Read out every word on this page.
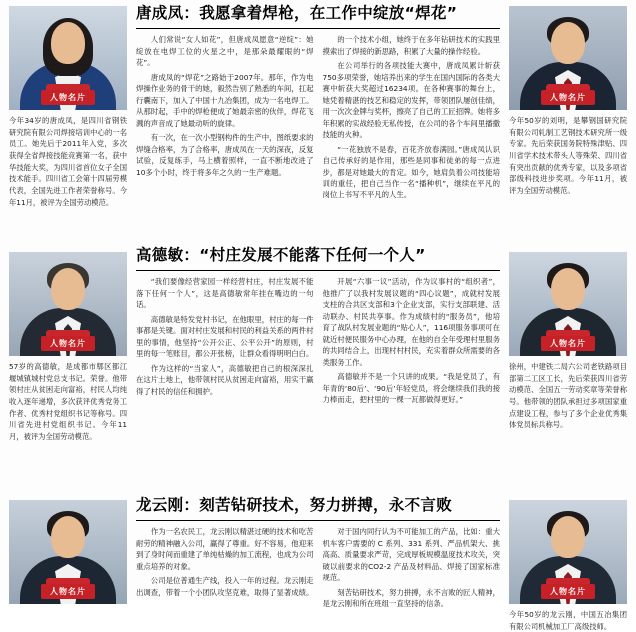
唐成凤：我愿拿着焊枪，在工作中绽放“焊花”

人们常说“女人如花”，但唐成凤愿意“逆绽”：她绽放在电焊工位的火星之中，是那朵最耀眼的“焊花”。

唐成凤的“焊花”之路始于2007年。那年，作为电焊操作业务的骨干的她，毅然告别了熟悉的车间，扛起行囊南下，加入了中国十九冶集团，成为一名电焊工。从那时起，手中的焊枪便成了她最亲密的伙伴，焊花飞溅的声音成了她最动听的旋律。

有一次，在一次小型钢构件的生产中，图纸要求的焊缝合格率，为了合格率，唐成凤在一天的深夜，反复试验，反复练手，马上横着照样，一直不断地改进了10多个小时，终于将多年之久的一生产难题。

的一个技术小组，她终于在多年钻研技术的实践里摸索出了焊接的新思路，积累了大量的操作经验。

在公司举行的各项技能大赛中，唐成凤累计斩获750多项荣誉，她培养出来的学生在国内国际的各类大赛中斩获大奖超过16234项。在各种赛事的舞台上，她凭着精湛的技艺和稳定的发挥，带领团队屡创佳绩，用一次次金牌与奖杯，擦亮了自己的工匠招牌。她将多年积累的实战经验无私传授，在公司的各个车间里播撒技能的火种。

“一花独放不是春，百花齐放春满园。”唐成凤认识自己传承好的是作用，那些是同事和徒弟的每一点进步，都是对她最大的肯定。如今，她肩负着公司技能培训的重任，把自己当作一名“播种机”，继续在平凡的岗位上书写不平凡的人生。

人物名片
今年34岁的唐成凤，是四川省钢铁研究院有限公司焊接培训中心的一名员工。她先后于2011年入党，多次获得全省焊接技能竞赛第一名，获中华技能大奖，为四川省首位女子全国技术能手。四川省工会第十四届劳模代表，全国先进工作者荣誉称号。今年11月，被评为全国劳动模范。
人物名片
今年50岁的刘明，是攀钢国研究院有限公司轧制工艺钢技术研究所一级专家。先后荣获国务院特殊津贴、四川省学术技术带头人等殊荣、四川省有突出贡献的优秀专家，以及多项省部级科技进步奖项。今年11月，被评为全国劳动模范。
高德敏：“村庄发展不能落下任何一个人”

“我们要像经营家园一样经营村庄，村庄发展不能落下任何一个人”，这是高德敏常年挂在嘴边的一句话。

高德敏是特发党村书记，在他眼里，村庄的每一件事都是关键。面对村庄发展和村民的利益关系的两件村里的事情，他坚持“公开公正、公平公开”的原则，村里的每一笔账目，都公开张榜，让群众看得明明白白。

作为这样的“当家人”，高德敏把自己的根深深扎在这片土地上，他带领村民从贫困走向富裕，用实干赢得了村民的信任和拥护。

开展“六事一议”活动，作为议事村的“组织者”，他推广了以我村发展议题的“四心议题”，成就村发展支柱的合共区支部和3个企业支部，实行支部联建、活动联办、村民共享事。作为成绩村的“服务员”，他培育了战队村发展业题的“贴心人”，116项服务事项可在就近村便民服务中心办理，在他的自全年受理村里服务的共同结合上，出现村村村民，充实着群众所需要的各类服务工作。

高德敏并不是一个只讲的成果。“我是党员了，有年青的‘80后’、‘90后’年轻党员，将会继续我们我的接力棒而走，把村里的一棵一瓦都做得更好。”

人物名片
57岁的高德敏，是成都市郫区都江堰城镇城村党总支书记。荣誉。他带领村庄从贫困走向富裕，村民人均纯收入逐年递增，多次获评优秀党务工作者、优秀村党组织书记等称号。四川省先进村党组织书记。今年11月，被评为全国劳动模范。
人物名片
徐州，中建铁二局六公司老铁路项目部第二工区工长，先后荣获四川省劳动模范、全国五一劳动奖章等荣誉称号。他带领的团队承担过多项国家重点建设工程，参与了多个企业优秀集体党员标兵称号。
龙云刚：刻苦钻研技术，努力拼搏，永不言败

作为一名农民工，龙云刚以精湛过硬的技术和吃苦耐劳的精神融入公司，赢得了尊重。好不容易，他迎来到了身时间而重建了单纯枯燥的加工流程，也成为公司重点培养的对象。

公司是位普通生产线，投入一年的过程。龙云刚走出调查，带着一个小团队攻坚克难，取得了显著成绩。

对于国内同行认为不可能加工的产品，比如：重大机车客户需要的 C 系列、331 系列、严品机架大、挑高高、质量要求严苛，完成厚板规模温度技术攻关，突破以前要求的CO2-2 产品及材料品、焊接了国家标准规范。

刻苦钻研技术，努力拼搏，永不言败的匠人精神，是龙云刚和所在班组一直坚持的信条。

人物名片	人物名片
今年50岁的龙云刚，中国五冶集团有限公司机械加工厂高级技师。
